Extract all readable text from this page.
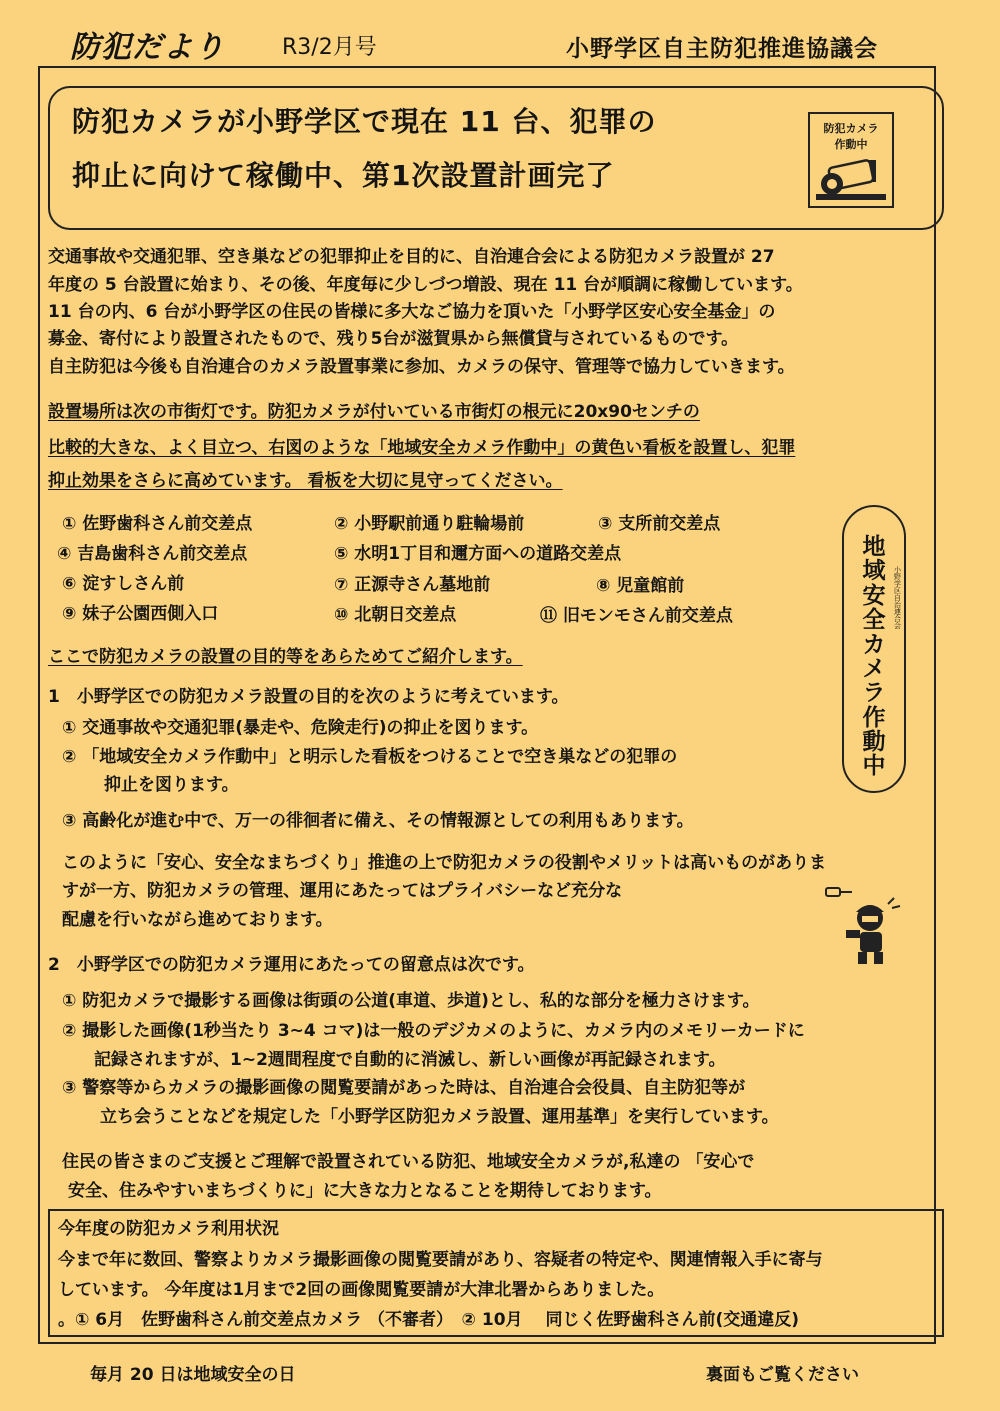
防犯だより	R3/2月号	小野学区自主防犯推進協議会
防犯カメラが小野学区で現在 11 台、犯罪の
抑止に向けて稼働中、第1次設置計画完了
防犯カメラ
作動中
交通事故や交通犯罪、空き巣などの犯罪抑止を目的に、自治連合会による防犯カメラ設置が 27
年度の 5 台設置に始まり、その後、年度毎に少しづつ増設、現在 11 台が順調に稼働しています。
11 台の内、6 台が小野学区の住民の皆様に多大なご協力を頂いた「小野学区安心安全基金」の
募金、寄付により設置されたもので、残り5台が滋賀県から無償貸与されているものです。
自主防犯は今後も自治連合のカメラ設置事業に参加、カメラの保守、管理等で協力していきます。
設置場所は次の市街灯です。防犯カメラが付いている市街灯の根元に20x90センチの
比較的大きな、よく目立つ、右図のような「地域安全カメラ作動中」の黄色い看板を設置し、犯罪
抑止効果をさらに高めています。 看板を大切に見守ってください。
① 佐野歯科さん前交差点	② 小野駅前通り駐輪場前	③ 支所前交差点
④ 吉島歯科さん前交差点	⑤ 水明1丁目和邇方面への道路交差点
⑥ 淀すしさん前	⑦ 正源寺さん墓地前	⑧ 児童館前
⑨ 妹子公園西側入口	⑩ 北朝日交差点	⑪ 旧モンモさん前交差点
地
域
安
全
カ
メ
ラ
作
動
中
小
野
学
区
自
治
連
合
会
ここで防犯カメラの設置の目的等をあらためてご紹介します。
1　小野学区での防犯カメラ設置の目的を次のように考えています。
① 交通事故や交通犯罪(暴走や、危険走行)の抑止を図ります。
② 「地域安全カメラ作動中」と明示した看板をつけることで空き巣などの犯罪の
抑止を図ります。
③ 高齢化が進む中で、万一の徘徊者に備え、その情報源としての利用もあります。
このように「安心、安全なまちづくり」推進の上で防犯カメラの役割やメリットは高いものがありま
すが一方、防犯カメラの管理、運用にあたってはプライバシーなど充分な
配慮を行いながら進めております。
2　小野学区での防犯カメラ運用にあたっての留意点は次です。
① 防犯カメラで撮影する画像は街頭の公道(車道、歩道)とし、私的な部分を極力さけます。
② 撮影した画像(1秒当たり 3~4 コマ)は一般のデジカメのように、カメラ内のメモリーカードに
記録されますが、1~2週間程度で自動的に消滅し、新しい画像が再記録されます。
③ 警察等からカメラの撮影画像の閲覧要請があった時は、自治連合会役員、自主防犯等が
立ち会うことなどを規定した「小野学区防犯カメラ設置、運用基準」を実行しています。
住民の皆さまのご支援とご理解で設置されている防犯、地域安全カメラが,私達の 「安心で
安全、住みやすいまちづくりに」に大きな力となることを期待しております。
今年度の防犯カメラ利用状況
今まで年に数回、警察よりカメラ撮影画像の閲覧要請があり、容疑者の特定や、関連情報入手に寄与
しています。 今年度は1月まで2回の画像閲覧要請が大津北署からありました。
。① 6月　佐野歯科さん前交差点カメラ （不審者）　② 10月　 同じく佐野歯科さん前(交通違反)
毎月 20 日は地域安全の日	裏面もご覧ください
